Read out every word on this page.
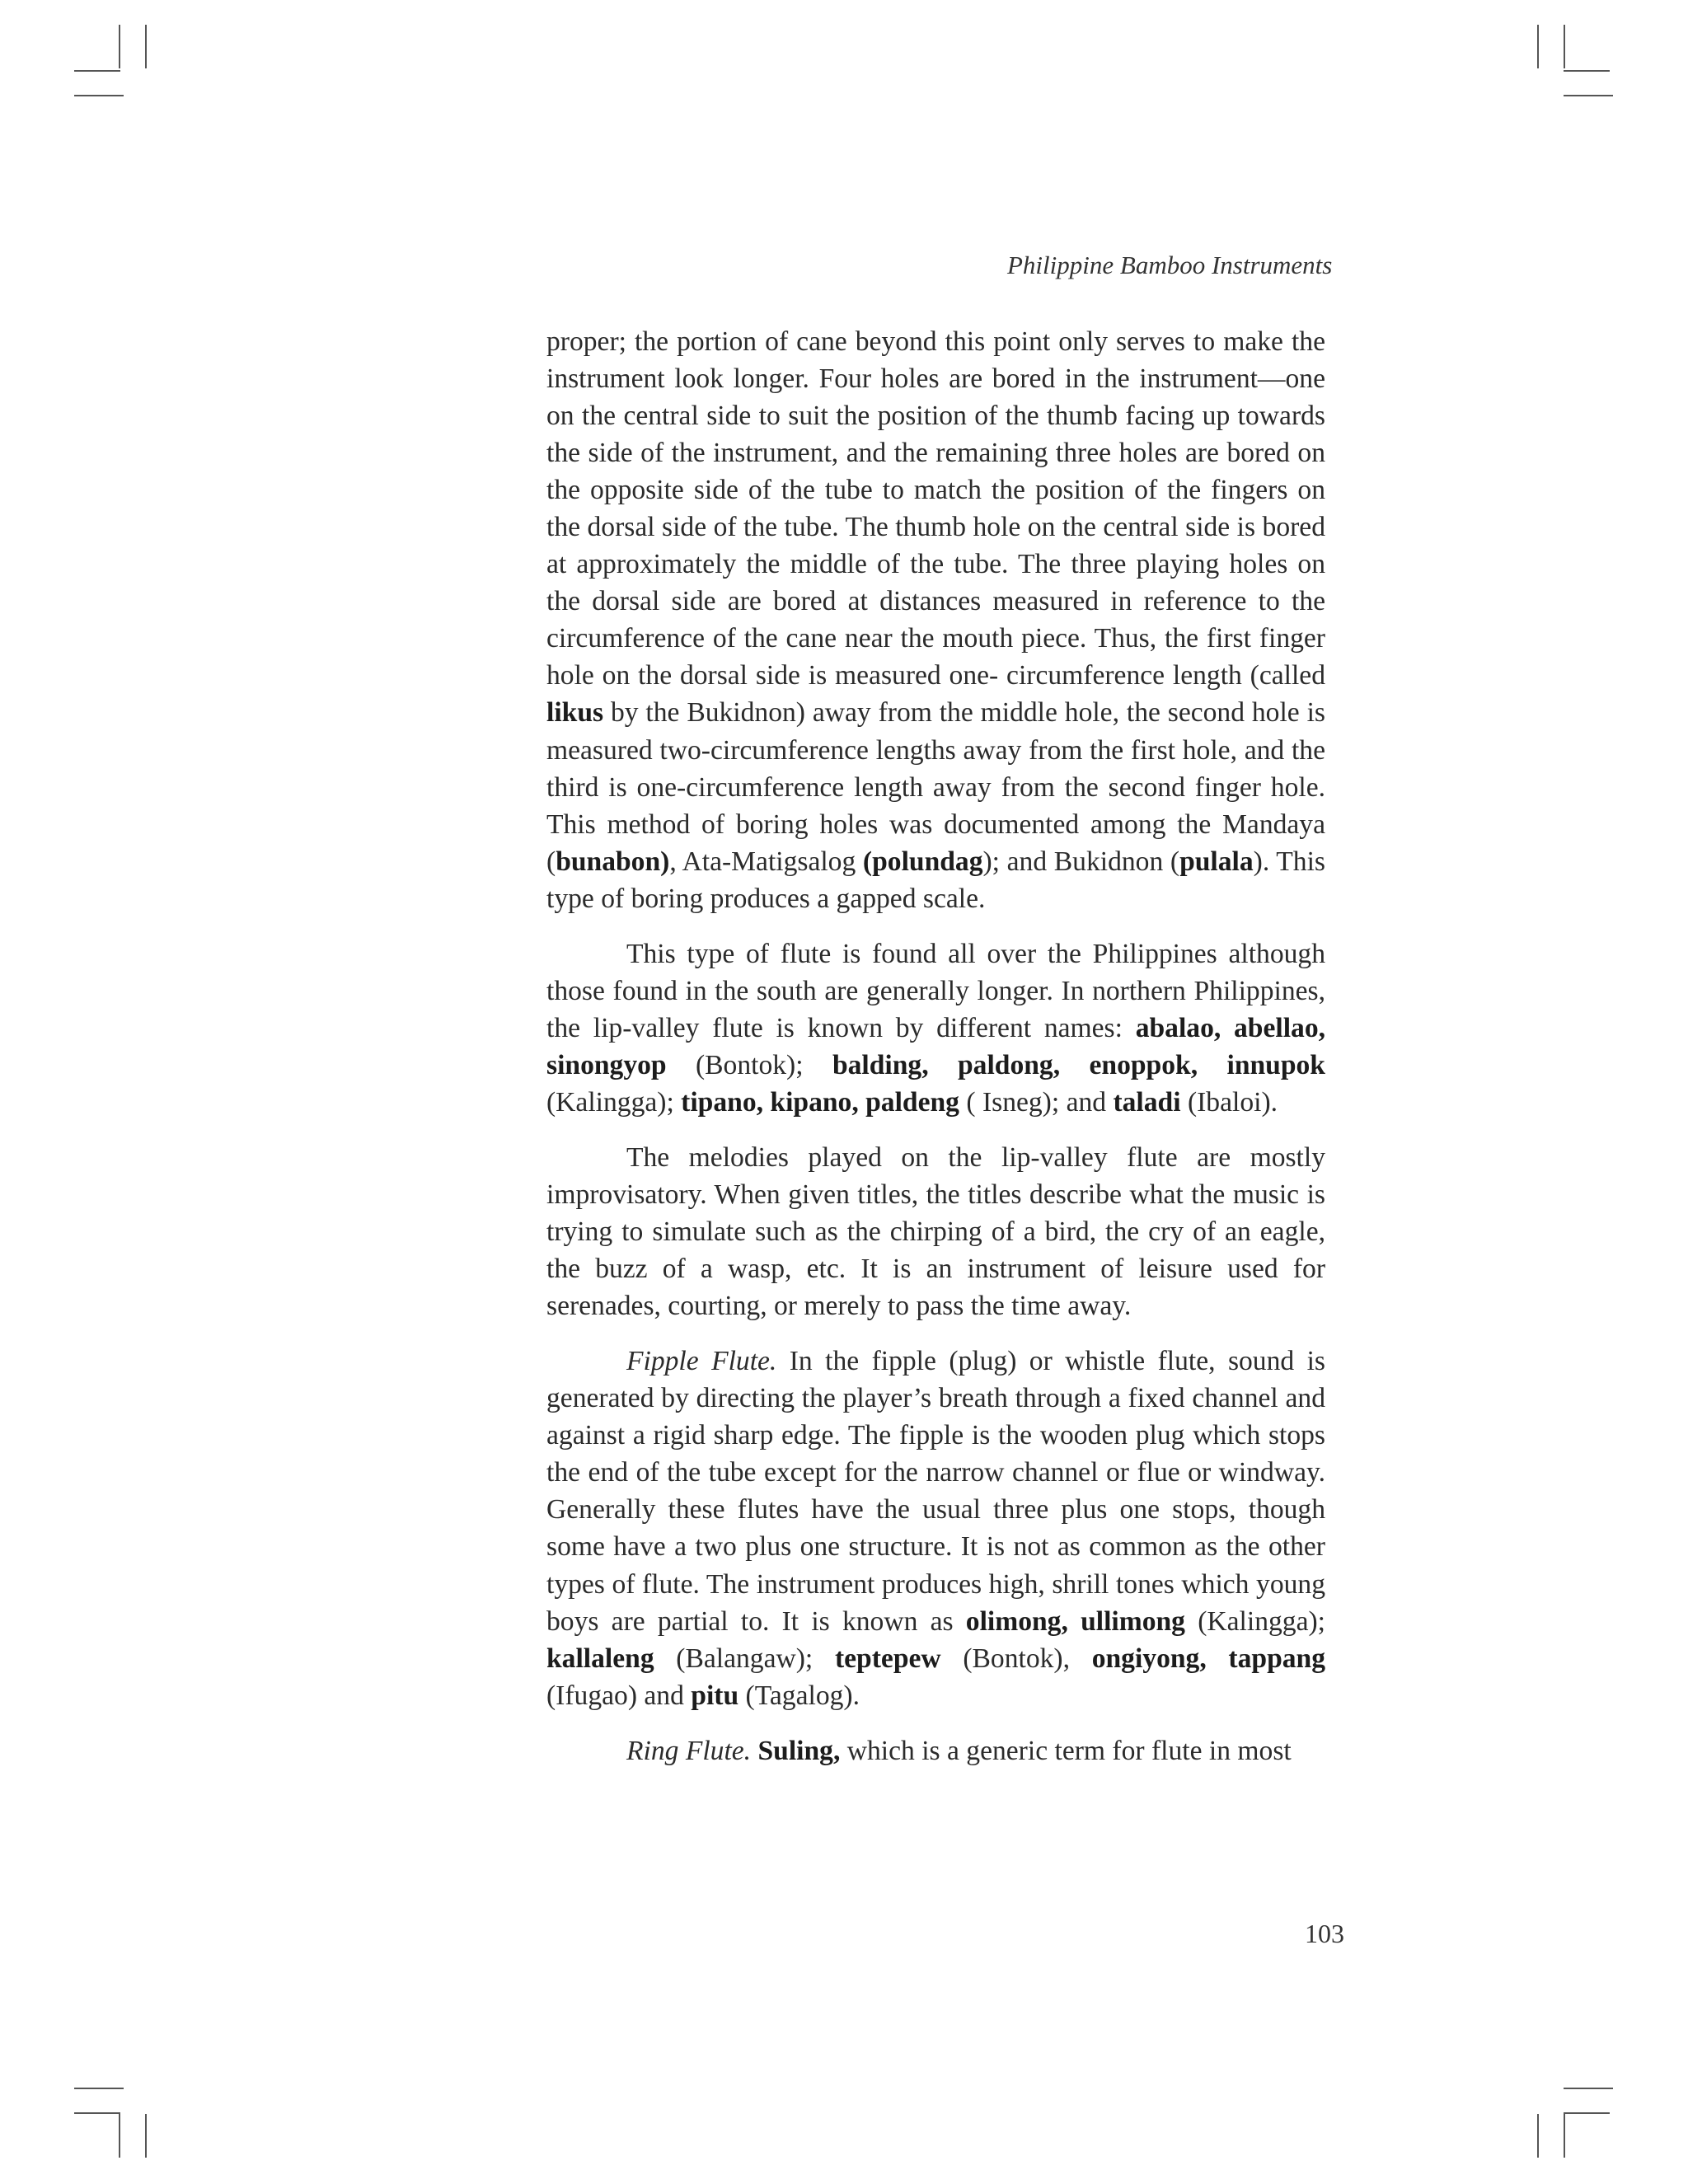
Philippine Bamboo Instruments

proper; the portion of cane beyond this point only serves to make the instrument look longer. Four holes are bored in the instrument—one on the central side to suit the position of the thumb facing up towards the side of the instrument, and the remaining three holes are bored on the opposite side of the tube to match the position of the fingers on the dorsal side of the tube. The thumb hole on the central side is bored at approximately the middle of the tube. The three playing holes on the dorsal side are bored at distances measured in reference to the circumference of the cane near the mouth piece. Thus, the first finger hole on the dorsal side is measured one- circumference length (called likus by the Bukidnon) away from the middle hole, the second hole is measured two-circumference lengths away from the first hole, and the third is one-circumference length away from the second finger hole. This method of boring holes was documented among the Mandaya (bunabon), Ata-Matigsalog (polundag); and Bukidnon (pulala). This type of boring produces a gapped scale.

This type of flute is found all over the Philippines although those found in the south are generally longer. In northern Philippines, the lip-valley flute is known by different names: abalao, abellao, sinongyop (Bontok); balding, paldong, enoppok, innupok (Kalingga); tipano, kipano, paldeng ( Isneg); and taladi (Ibaloi).

The melodies played on the lip-valley flute are mostly improvisatory. When given titles, the titles describe what the music is trying to simulate such as the chirping of a bird, the cry of an eagle, the buzz of a wasp, etc. It is an instrument of leisure used for serenades, courting, or merely to pass the time away.

Fipple Flute. In the fipple (plug) or whistle flute, sound is generated by directing the player’s breath through a fixed channel and against a rigid sharp edge. The fipple is the wooden plug which stops the end of the tube except for the narrow channel or flue or windway. Generally these flutes have the usual three plus one stops, though some have a two plus one structure. It is not as common as the other types of flute. The instrument produces high, shrill tones which young boys are partial to. It is known as olimong, ullimong (Kalingga); kallaleng (Balangaw); teptepew (Bontok), ongiyong, tappang (Ifugao) and pitu (Tagalog).

Ring Flute. Suling, which is a generic term for flute in most

103
